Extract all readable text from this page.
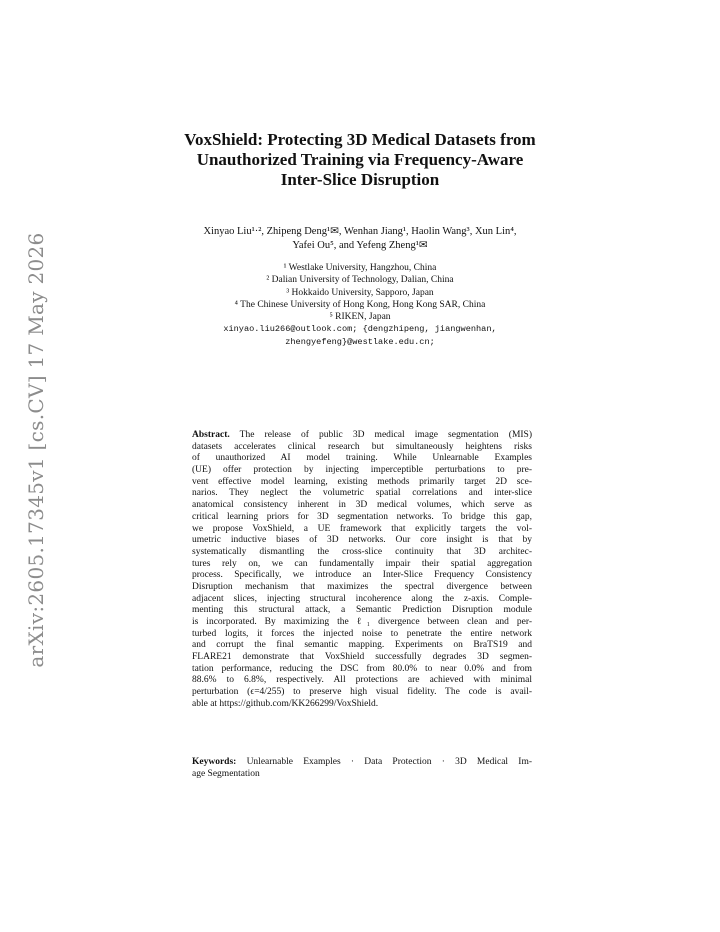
arXiv:2605.17345v1 [cs.CV] 17 May 2026
VoxShield: Protecting 3D Medical Datasets from
Unauthorized Training via Frequency-Aware
Inter-Slice Disruption
Xinyao Liu¹·², Zhipeng Deng¹✉, Wenhan Jiang¹, Haolin Wang³, Xun Lin⁴,
Yafei Ou⁵, and Yefeng Zheng¹✉
¹ Westlake University, Hangzhou, China
² Dalian University of Technology, Dalian, China
³ Hokkaido University, Sapporo, Japan
⁴ The Chinese University of Hong Kong, Hong Kong SAR, China
⁵ RIKEN, Japan
xinyao.liu266@outlook.com; {dengzhipeng, jiangwenhan,
zhengyefeng}@westlake.edu.cn;
Abstract. The release of public 3D medical image segmentation (MIS)
datasets accelerates clinical research but simultaneously heightens risks
of unauthorized AI model training. While Unlearnable Examples
(UE) offer protection by injecting imperceptible perturbations to pre-
vent effective model learning, existing methods primarily target 2D sce-
narios. They neglect the volumetric spatial correlations and inter-slice
anatomical consistency inherent in 3D medical volumes, which serve as
critical learning priors for 3D segmentation networks. To bridge this gap,
we propose VoxShield, a UE framework that explicitly targets the vol-
umetric inductive biases of 3D networks. Our core insight is that by
systematically dismantling the cross-slice continuity that 3D architec-
tures rely on, we can fundamentally impair their spatial aggregation
process. Specifically, we introduce an Inter-Slice Frequency Consistency
Disruption mechanism that maximizes the spectral divergence between
adjacent slices, injecting structural incoherence along the z-axis. Comple-
menting this structural attack, a Semantic Prediction Disruption module
is incorporated. By maximizing the ℓ₁ divergence between clean and per-
turbed logits, it forces the injected noise to penetrate the entire network
and corrupt the final semantic mapping. Experiments on BraTS19 and
FLARE21 demonstrate that VoxShield successfully degrades 3D segmen-
tation performance, reducing the DSC from 80.0% to near 0.0% and from
88.6% to 6.8%, respectively. All protections are achieved with minimal
perturbation (ϵ=4/255) to preserve high visual fidelity. The code is avail-
able at https://github.com/KK266299/VoxShield.
Keywords: Unlearnable Examples · Data Protection · 3D Medical Im-
age Segmentation
